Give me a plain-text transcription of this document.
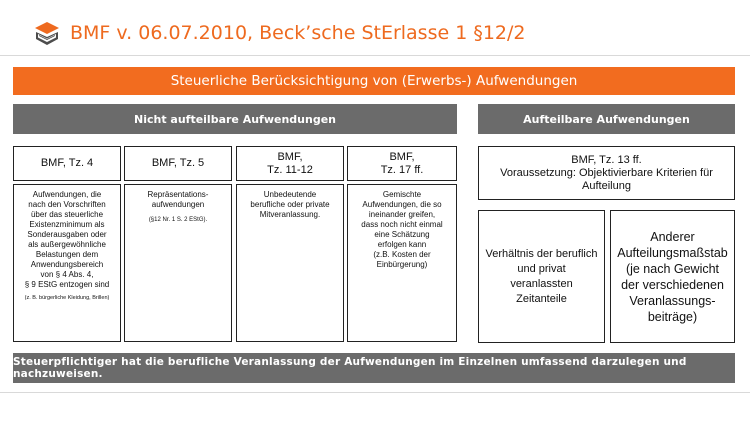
BMF v. 06.07.2010, Beck’sche StErlasse 1 §12/2
Steuerliche Berücksichtigung von (Erwerbs-) Aufwendungen
Nicht aufteilbare Aufwendungen	Aufteilbare Aufwendungen
BMF, Tz. 4	BMF, Tz. 5
BMF,
Tz. 11-12
BMF,
Tz. 17 ff.
Aufwendungen, die
nach den Vorschriften
über das steuerliche
Existenzminimum als
Sonderausgaben oder
als außergewöhnliche
Belastungen dem
Anwendungsbereich
von § 4 Abs. 4,
§ 9 EStG entzogen sind
(z. B. bürgerliche Kleidung, Brillen)
Repräsentations-
aufwendungen
(§12 Nr. 1 S. 2 EStG).
Unbedeutende
berufliche oder private
Mitveranlassung.
Gemischte
Aufwendungen, die so
ineinander greifen,
dass noch nicht einmal
eine Schätzung
erfolgen kann
(z.B. Kosten der
Einbürgerung)
BMF, Tz. 13 ff.
Voraussetzung: Objektivierbare Kriterien für
Aufteilung
Verhältnis der beruflich
und privat
veranlassten
Zeitanteile
Anderer
Aufteilungsmaßstab
(je nach Gewicht
der verschiedenen
Veranlassungs-
beiträge)
Steuerpflichtiger hat die berufliche Veranlassung der Aufwendungen im Einzelnen umfassend darzulegen und nachzuweisen.
